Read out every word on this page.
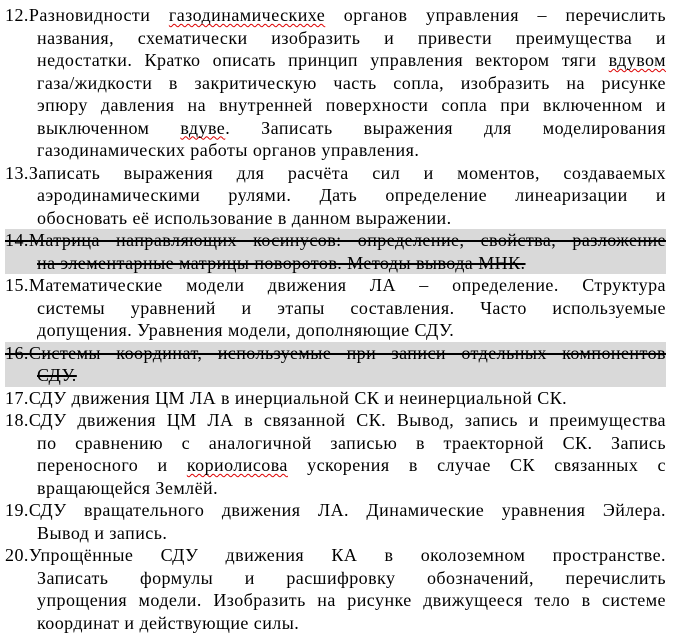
12.Разновидности газодинамическихе органов управления – перечислить
названия, схематически изобразить и привести преимущества и
недостатки. Кратко описать принцип управления вектором тяги вдувом
газа/жидкости в закритическую часть сопла, изобразить на рисунке
эпюру давления на внутренней поверхности сопла при включенном и
выключенном вдуве. Записать выражения для моделирования
газодинамических работы органов управления.
13.Записать выражения для расчёта сил и моментов, создаваемых
аэродинамическими рулями. Дать определение линеаризации и
обосновать её использование в данном выражении.
14.Матрица направляющих косинусов: определение, свойства, разложение
на элементарные матрицы поворотов. Методы вывода МНК.
15.Математические модели движения ЛА – определение. Структура
системы уравнений и этапы составления. Часто используемые
допущения. Уравнения модели, дополняющие СДУ.
16.Системы координат, используемые при записи отдельных компонентов
СДУ.
17.СДУ движения ЦМ ЛА в инерциальной СК и неинерциальной СК.
18.СДУ движения ЦМ ЛА в связанной СК. Вывод, запись и преимущества
по сравнению с аналогичной записью в траекторной СК. Запись
переносного и кориолисова ускорения в случае СК связанных с
вращающейся Землёй.
19.СДУ вращательного движения ЛА. Динамические уравнения Эйлера.
Вывод и запись.
20.Упрощённые СДУ движения КА в околоземном пространстве.
Записать формулы и расшифровку обозначений, перечислить
упрощения модели. Изобразить на рисунке движущееся тело в системе
координат и действующие силы.
